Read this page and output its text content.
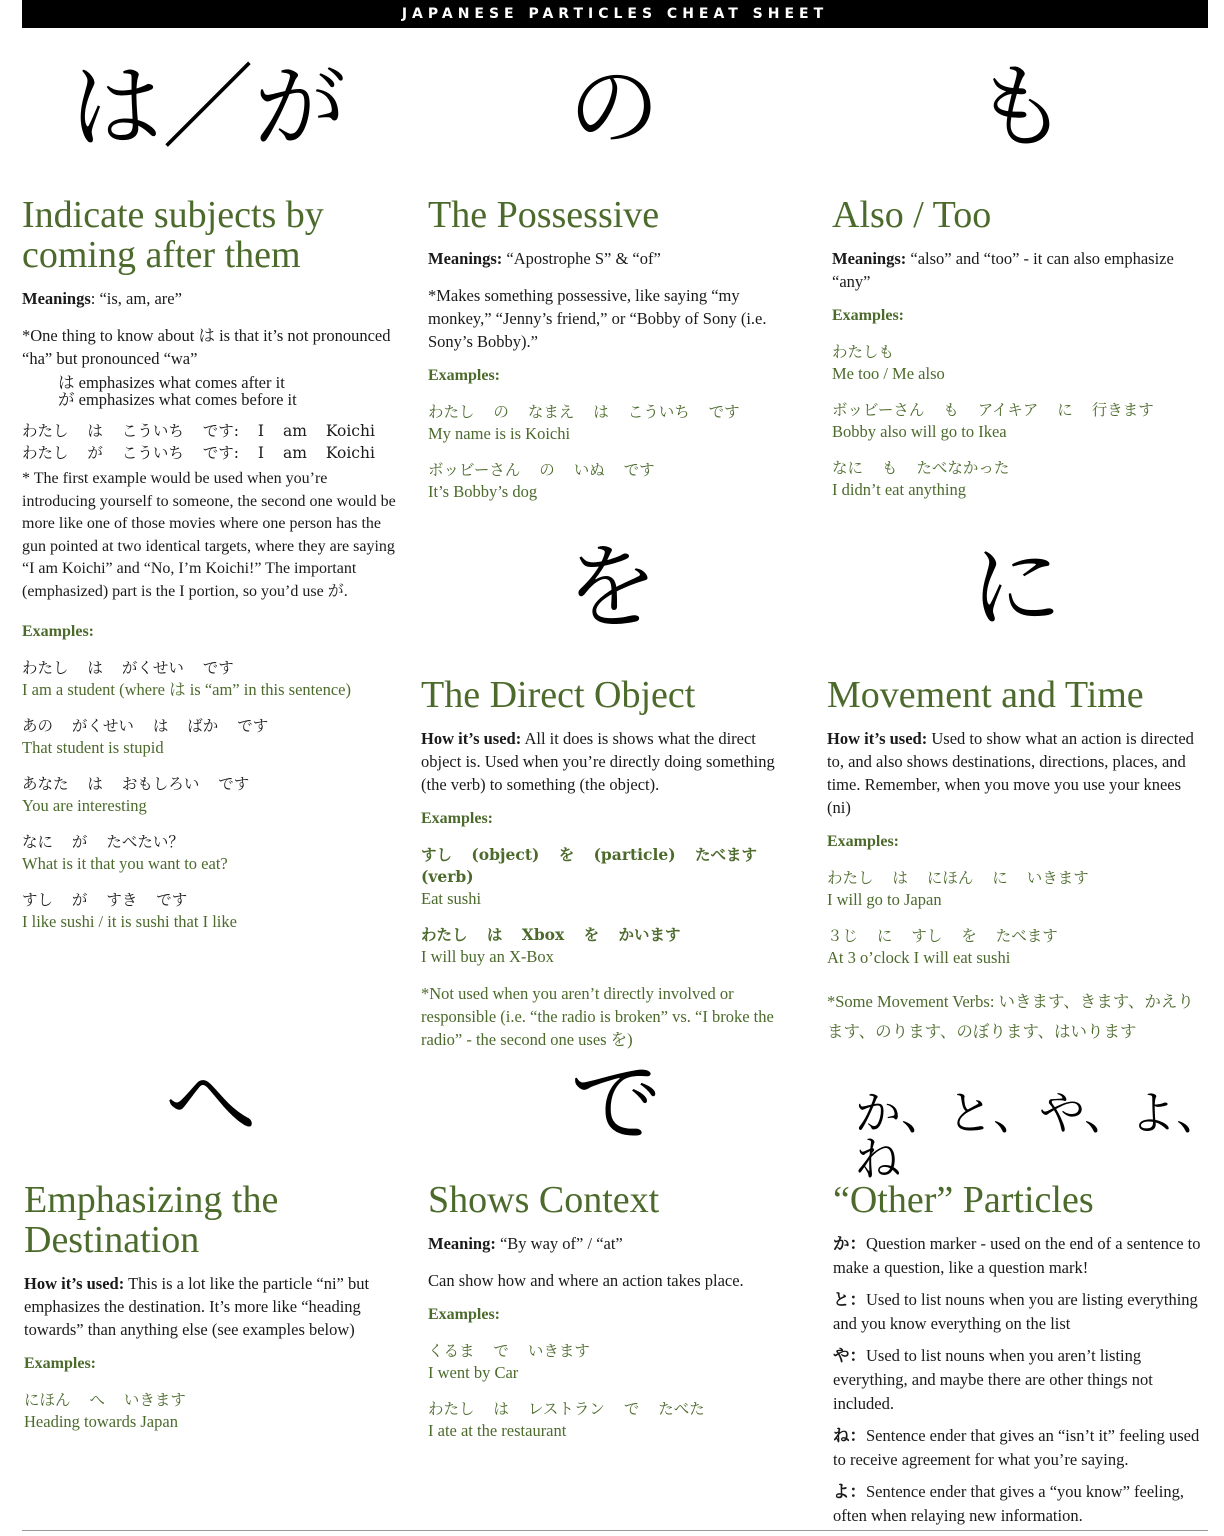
JAPANESE PARTICLES CHEAT SHEET
は／が の	も
を	に
へ	で	か、と、や、よ、ね
Indicate subjects by coming after them
Meanings: “is, am, are”
*One thing to know about は is that it’s not pronounced “ha” but pronounced “wa”
は emphasizes what comes after it
が emphasizes what comes before it
わたし は こういち です: I am Koichi
わたし が こういち です: I am Koichi
* The first example would be used when you’re introducing yourself to someone, the second one would be more like one of those movies where one person has the gun pointed at two identical targets, where they are saying “I am Koichi” and “No, I’m Koichi!” The important (emphasized) part is the I portion, so you’d use が.
Examples:
わたし は がくせい です
I am a student (where は is “am” in this sentence)
あの がくせい は ばか です
That student is stupid
あなた は おもしろい です
You are interesting
なに が たべたい？
What is it that you want to eat?
すし が すき です
I like sushi / it is sushi that I like
The Possessive
Meanings: “Apostrophe S” & “of”
*Makes something possessive, like saying “my monkey,” “Jenny’s friend,” or “Bobby of Sony (i.e. Sony’s Bobby).”
Examples:
わたし の なまえ は こういち です
My name is is Koichi
ボッビーさん の いぬ です
It’s Bobby’s dog
Also / Too
Meanings: “also” and “too” - it can also emphasize “any”
Examples:
わたしも
Me too / Me also
ボッビーさん も アイキア に 行きます
Bobby also will go to Ikea
なに も たべなかった
I didn’t eat anything
The Direct Object
How it’s used: All it does is shows what the direct object is. Used when you’re directly doing something (the verb) to something (the object).
Examples:
すし (object) を (particle) たべます (verb)
Eat sushi
わたし は Xbox を かいます
I will buy an X-Box
*Not used when you aren’t directly involved or responsible (i.e. “the radio is broken” vs. “I broke the radio” - the second one uses を)
Movement and Time
How it’s used: Used to show what an action is directed to, and also shows destinations, directions, places, and time. Remember, when you move you use your knees (ni)
Examples:
わたし は にほん に いきます
I will go to Japan
３じ に すし を たべます
At 3 o’clock I will eat sushi
*Some Movement Verbs: いきます、きます、かえります、のります、のぼります、はいります
Emphasizing the Destination
How it’s used: This is a lot like the particle “ni” but emphasizes the destination. It’s more like “heading towards” than anything else (see examples below)
Examples:
にほん へ いきます
Heading towards Japan
Shows Context
Meaning: “By way of” / “at”
Can show how and where an action takes place.
Examples:
くるま で いきます
I went by Car
わたし は レストラン で たべた
I ate at the restaurant
“Other” Particles
か：Question marker - used on the end of a sentence to make a question, like a question mark!
と：Used to list nouns when you are listing everything and you know everything on the list
や：Used to list nouns when you aren’t listing everything, and maybe there are other things not included.
ね：Sentence ender that gives an “isn’t it” feeling used to receive agreement for what you’re saying.
よ：Sentence ender that gives a “you know” feeling, often when relaying new information.
